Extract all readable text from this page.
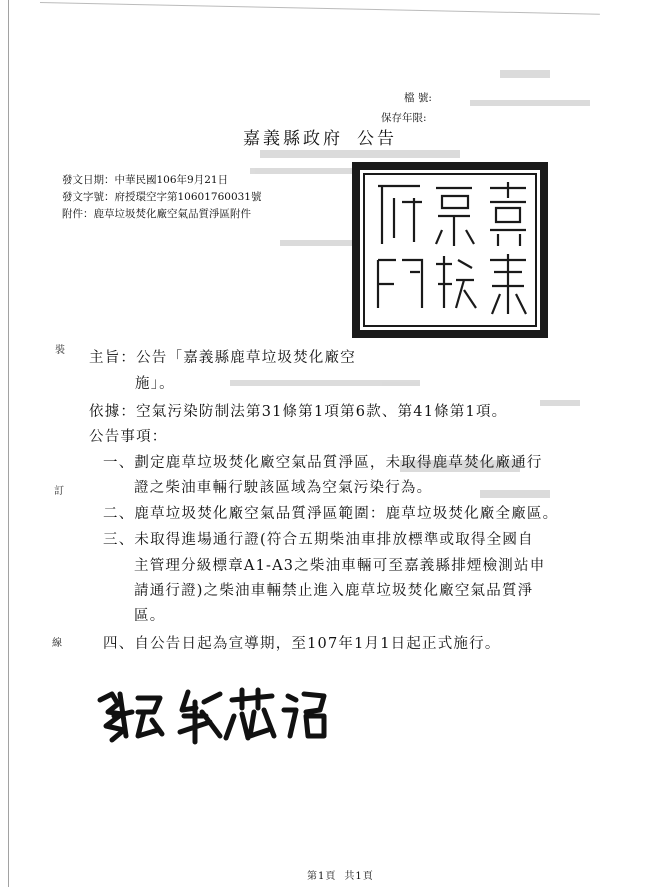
檔 號:
保存年限:
嘉義縣政府 公告
發文日期：中華民國106年9月21日
發文字號：府授環空字第10601760031號
附件：鹿草垃圾焚化廠空氣品質淨區附件
裝
訂
線
主旨：公告「嘉義縣鹿草垃圾焚化廠空
施」。
依據：空氣污染防制法第31條第1項第6款、第41條第1項。
公告事項：
一、劃定鹿草垃圾焚化廠空氣品質淨區，未取得鹿草焚化廠通行
證之柴油車輛行駛該區域為空氣污染行為。
二、鹿草垃圾焚化廠空氣品質淨區範圍：鹿草垃圾焚化廠全廠區。
三、未取得進場通行證(符合五期柴油車排放標準或取得全國自
主管理分級標章A1-A3之柴油車輛可至嘉義縣排煙檢測站申
請通行證)之柴油車輛禁止進入鹿草垃圾焚化廠空氣品質淨
區。
四、自公告日起為宣導期，至107年1月1日起正式施行。
第1頁 共1頁
